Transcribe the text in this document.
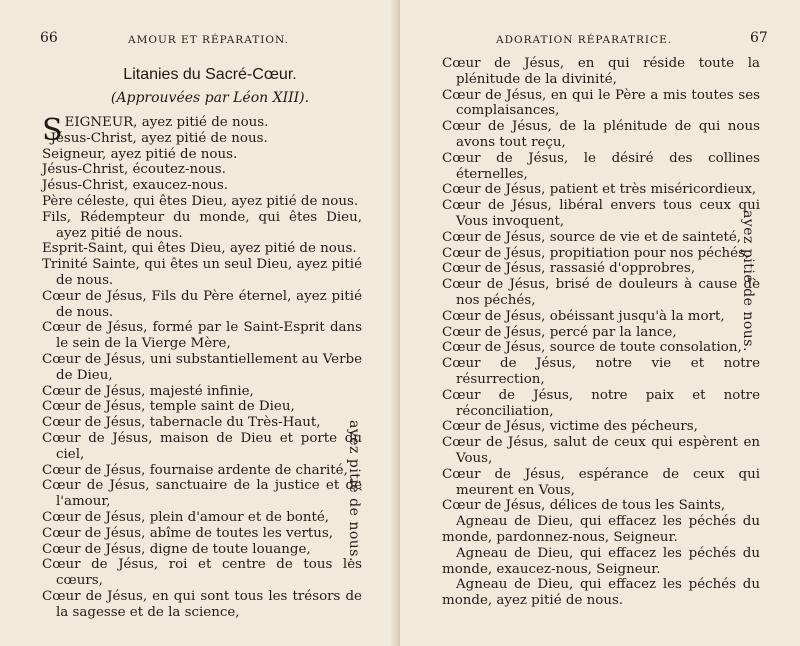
66	AMOUR ET RÉPARATION.
Litanies du Sacré-Cœur.
(Approuvées par Léon XIII).

SEIGNEUR, ayez pitié de nous.

Jésus-Christ, ayez pitié de nous.

Seigneur, ayez pitié de nous.

Jésus-Christ, écoutez-nous.

Jésus-Christ, exaucez-nous.

Père céleste, qui êtes Dieu, ayez pitié de nous.

Fils, Rédempteur du monde, qui êtes Dieu, ayez pitié de nous.

Esprit-Saint, qui êtes Dieu, ayez pitié de nous.

Trinité Sainte, qui êtes un seul Dieu, ayez pitié de nous.

Cœur de Jésus, Fils du Père éternel, ayez pitié de nous.

Cœur de Jésus, formé par le Saint-Esprit dans le sein de la Vierge Mère,

Cœur de Jésus, uni substantiellement au Verbe de Dieu,

Cœur de Jésus, majesté infinie,

Cœur de Jésus, temple saint de Dieu,

Cœur de Jésus, tabernacle du Très-Haut,

Cœur de Jésus, maison de Dieu et porte du ciel,

Cœur de Jésus, fournaise ardente de charité,

Cœur de Jésus, sanctuaire de la justice et de l'amour,

Cœur de Jésus, plein d'amour et de bonté,

Cœur de Jésus, abîme de toutes les vertus,

Cœur de Jésus, digne de toute louange,

Cœur de Jésus, roi et centre de tous les cœurs,

Cœur de Jésus, en qui sont tous les trésors de la sagesse et de la science,

ayez pitié de nous.
ADORATION RÉPARATRICE.	67

Cœur de Jésus, en qui réside toute la plénitude de la divinité,

Cœur de Jésus, en qui le Père a mis toutes ses complaisances,

Cœur de Jésus, de la plénitude de qui nous avons tout reçu,

Cœur de Jésus, le désiré des collines éternelles,

Cœur de Jésus, patient et très miséricordieux,

Cœur de Jésus, libéral envers tous ceux qui Vous invoquent,

Cœur de Jésus, source de vie et de sainteté,

Cœur de Jésus, propitiation pour nos péchés,

Cœur de Jésus, rassasié d'opprobres,

Cœur de Jésus, brisé de douleurs à cause de nos péchés,

Cœur de Jésus, obéissant jusqu'à la mort,

Cœur de Jésus, percé par la lance,

Cœur de Jésus, source de toute consolation,

Cœur de Jésus, notre vie et notre résurrection,

Cœur de Jésus, notre paix et notre réconciliation,

Cœur de Jésus, victime des pécheurs,

Cœur de Jésus, salut de ceux qui espèrent en Vous,

Cœur de Jésus, espérance de ceux qui meurent en Vous,

Cœur de Jésus, délices de tous les Saints,

Agneau de Dieu, qui effacez les péchés du monde, pardonnez-nous, Seigneur.

Agneau de Dieu, qui effacez les péchés du monde, exaucez-nous, Seigneur.

Agneau de Dieu, qui effacez les péchés du monde, ayez pitié de nous.

ayez pitié de nous.
